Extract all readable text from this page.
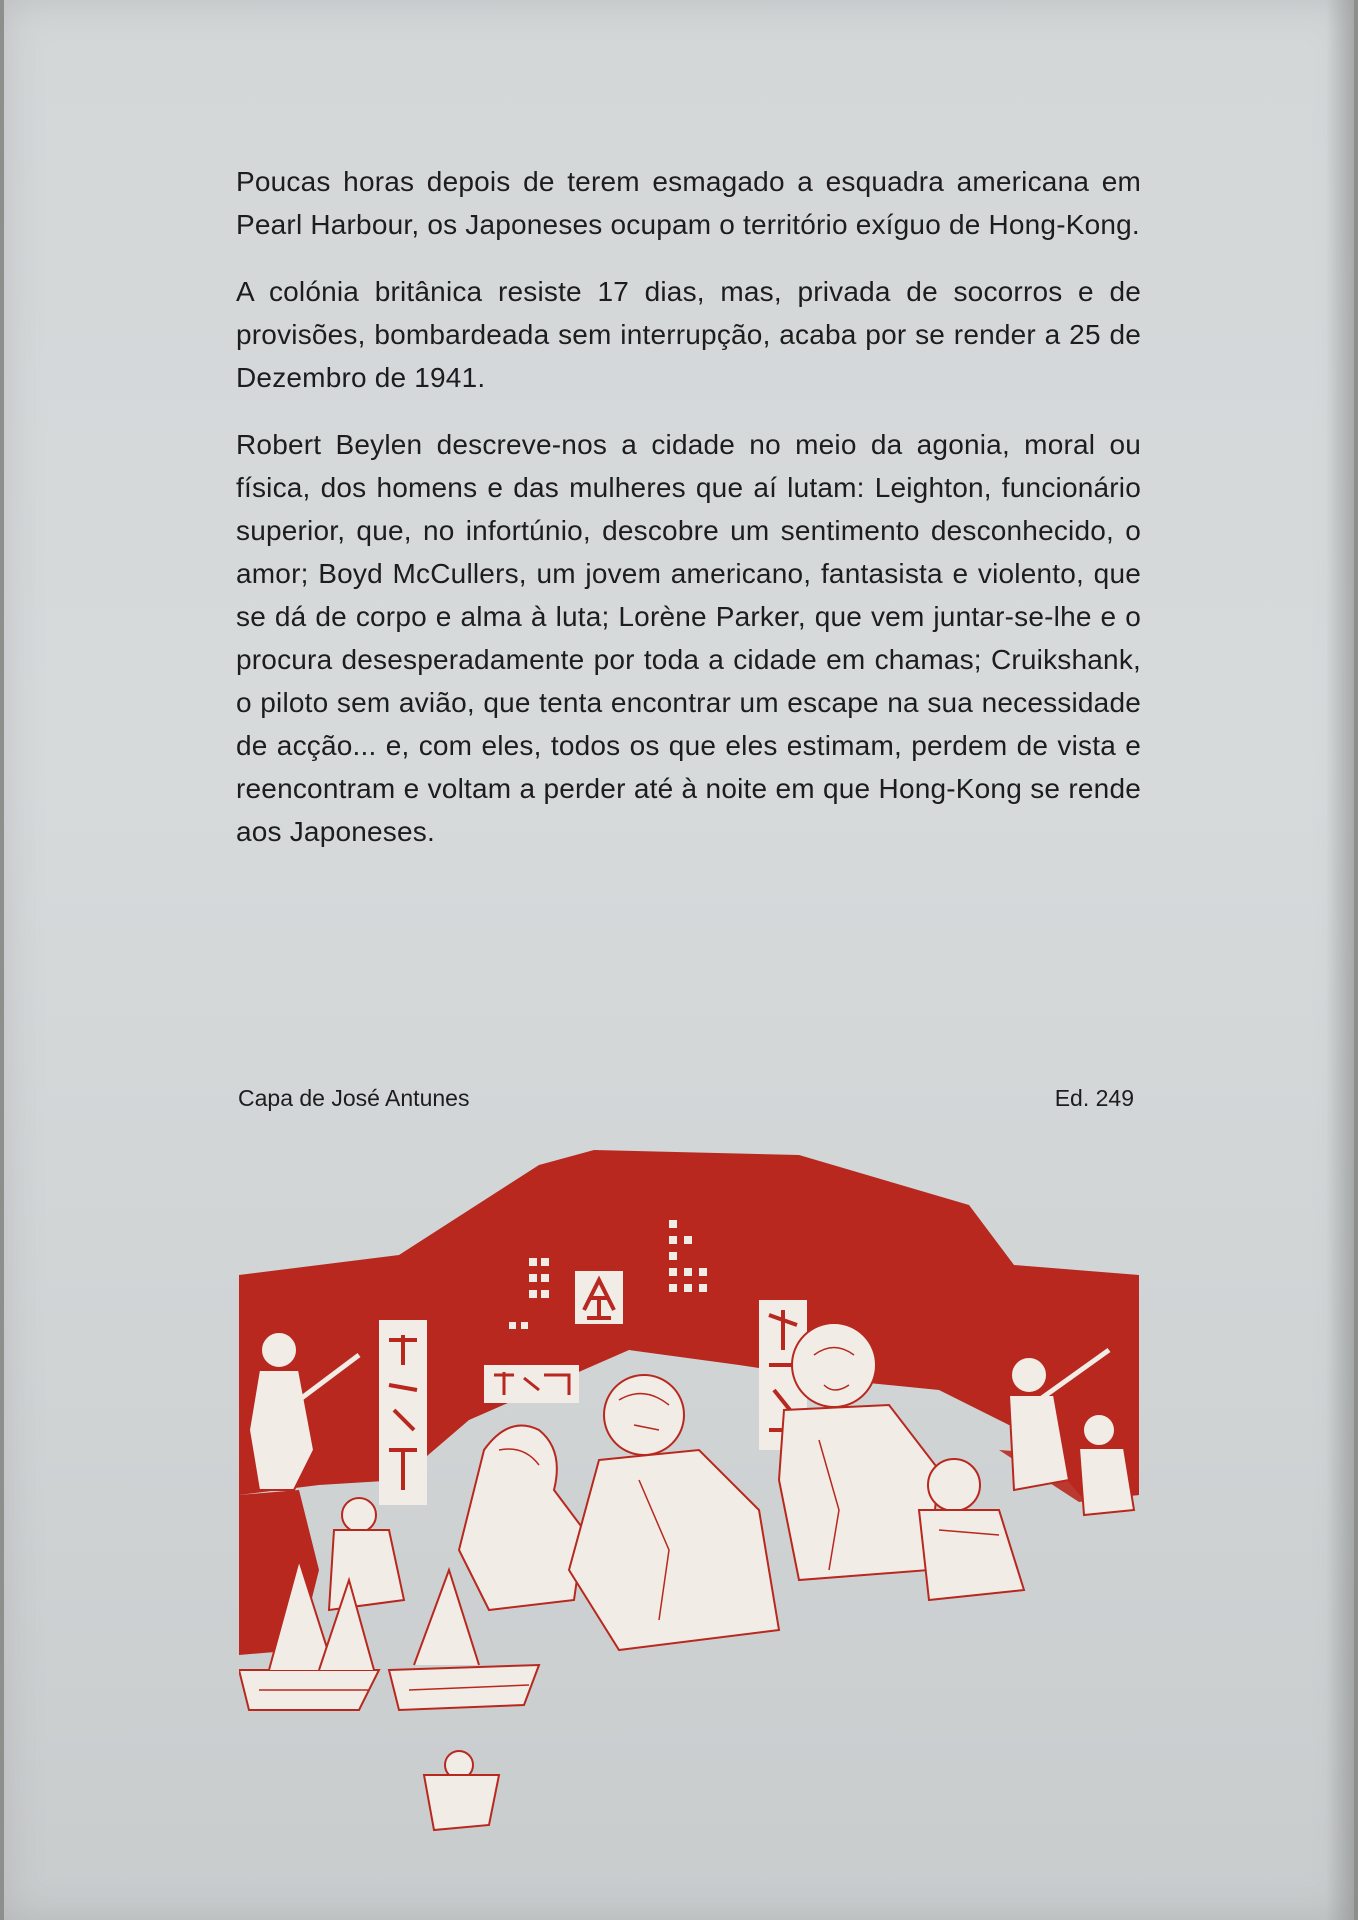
Poucas horas depois de terem esmagado a esquadra americana em Pearl Harbour, os Japoneses ocupam o território exíguo de Hong-Kong.

A colónia britânica resiste 17 dias, mas, privada de socorros e de provisões, bombardeada sem interrupção, acaba por se render a 25 de Dezembro de 1941.

Robert Beylen descreve-nos a cidade no meio da agonia, moral ou física, dos homens e das mulheres que aí lutam: Leighton, funcionário superior, que, no infortúnio, descobre um sentimento desconhecido, o amor; Boyd McCullers, um jovem americano, fantasista e violento, que se dá de corpo e alma à luta; Lorène Parker, que vem juntar-se-lhe e o procura desesperadamente por toda a cidade em chamas; Cruikshank, o piloto sem avião, que tenta encontrar um escape na sua necessidade de acção... e, com eles, todos os que eles estimam, perdem de vista e reencontram e voltam a perder até à noite em que Hong-Kong se rende aos Japoneses.

Capa de José Antunes	Ed. 249
